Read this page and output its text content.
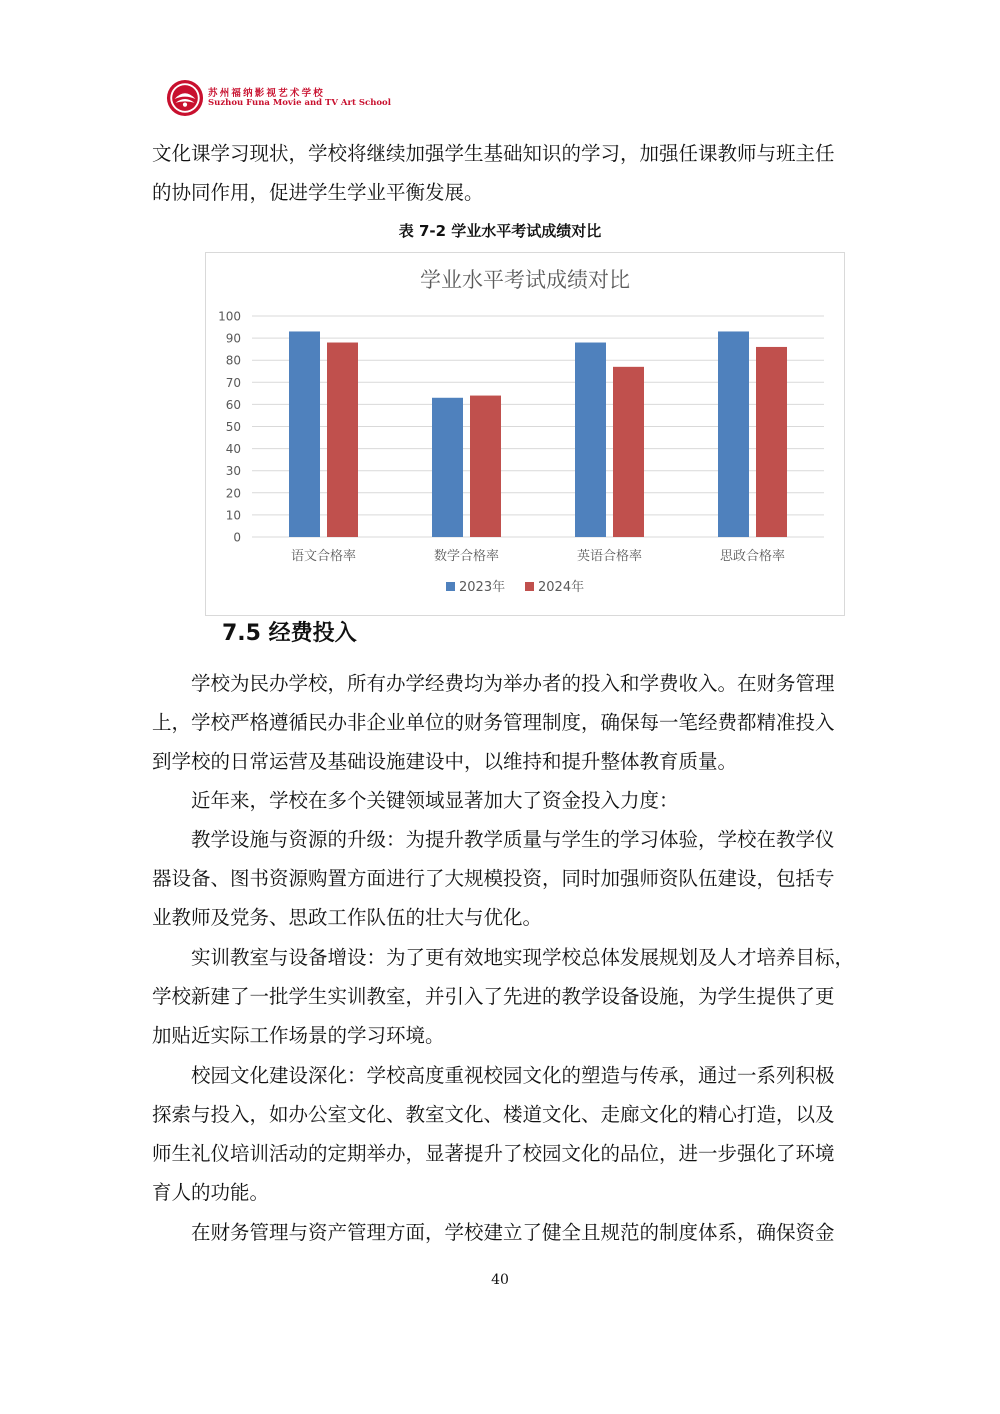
苏州福纳影视艺术学校
Suzhou Funa Movie and TV Art School
文化课学习现状，学校将继续加强学生基础知识的学习，加强任课教师与班主任
的协同作用，促进学生学业平衡发展。
表 7-2 学业水平考试成绩对比
学业水平考试成绩对比
0
10
20
30
40
50
60
70
80
90
100
语文合格率	数学合格率	英语合格率	思政合格率
2023年	2024年
7.5 经费投入
学校为民办学校，所有办学经费均为举办者的投入和学费收入。在财务管理
上，学校严格遵循民办非企业单位的财务管理制度，确保每一笔经费都精准投入
到学校的日常运营及基础设施建设中，以维持和提升整体教育质量。
近年来，学校在多个关键领域显著加大了资金投入力度：
教学设施与资源的升级：为提升教学质量与学生的学习体验，学校在教学仪
器设备、图书资源购置方面进行了大规模投资，同时加强师资队伍建设，包括专
业教师及党务、思政工作队伍的壮大与优化。
实训教室与设备增设：为了更有效地实现学校总体发展规划及人才培养目标，
学校新建了一批学生实训教室，并引入了先进的教学设备设施，为学生提供了更
加贴近实际工作场景的学习环境。
校园文化建设深化：学校高度重视校园文化的塑造与传承，通过一系列积极
探索与投入，如办公室文化、教室文化、楼道文化、走廊文化的精心打造，以及
师生礼仪培训活动的定期举办，显著提升了校园文化的品位，进一步强化了环境
育人的功能。
在财务管理与资产管理方面，学校建立了健全且规范的制度体系，确保资金
40
